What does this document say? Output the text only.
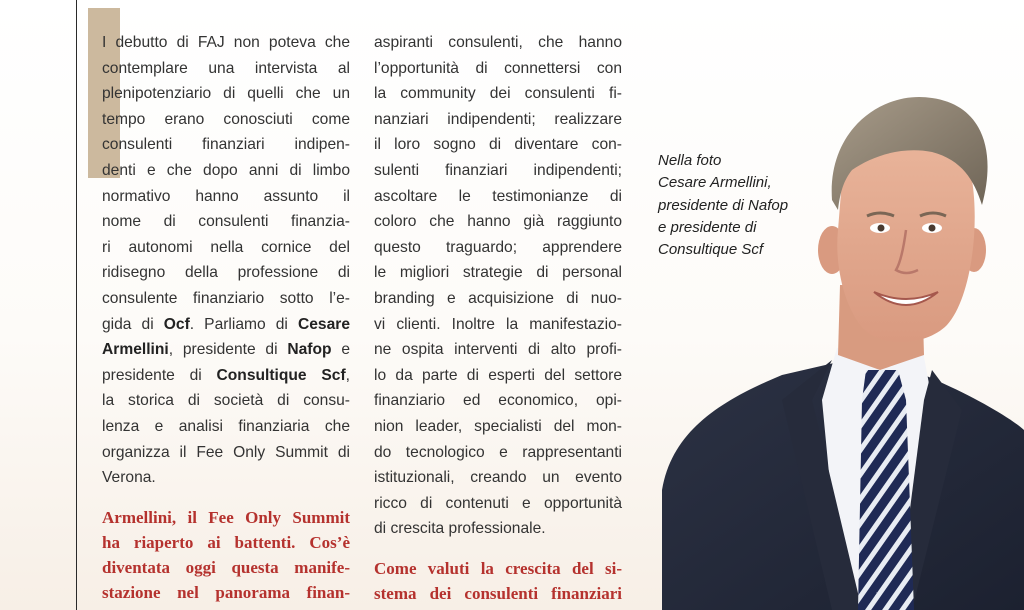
I debutto di FAJ non poteva che
contemplare una intervista al
plenipotenziario di quelli che un
tempo erano conosciuti come
consulenti finanziari indipen-
denti e che dopo anni di limbo
normativo hanno assunto il
nome di consulenti finanzia-
ri autonomi nella cornice del
ridisegno della professione di
consulente finanziario sotto l’e-
gida di Ocf. Parliamo di Cesare
Armellini, presidente di Nafop e
presidente di Consultique Scf,
la storica di società di consu-
lenza e analisi finanziaria che
organizza il Fee Only Summit di
Verona.
Armellini, il Fee Only Summit
ha riaperto ai battenti. Cos’è
diventata oggi questa manife-
stazione nel panorama finan-
aspiranti consulenti, che hanno
l’opportunità di connettersi con
la community dei consulenti fi-
nanziari indipendenti; realizzare
il loro sogno di diventare con-
sulenti finanziari indipendenti;
ascoltare le testimonianze di
coloro che hanno già raggiunto
questo traguardo; apprendere
le migliori strategie di personal
branding e acquisizione di nuo-
vi clienti. Inoltre la manifestazio-
ne ospita interventi di alto profi-
lo da parte di esperti del settore
finanziario ed economico, opi-
nion leader, specialisti del mon-
do tecnologico e rappresentanti
istituzionali, creando un evento
ricco di contenuti e opportunità
di crescita professionale.
Come valuti la crescita del si-
stema dei consulenti finanziari
Nella foto
Cesare Armellini,
presidente di Nafop
e presidente di
Consultique Scf
